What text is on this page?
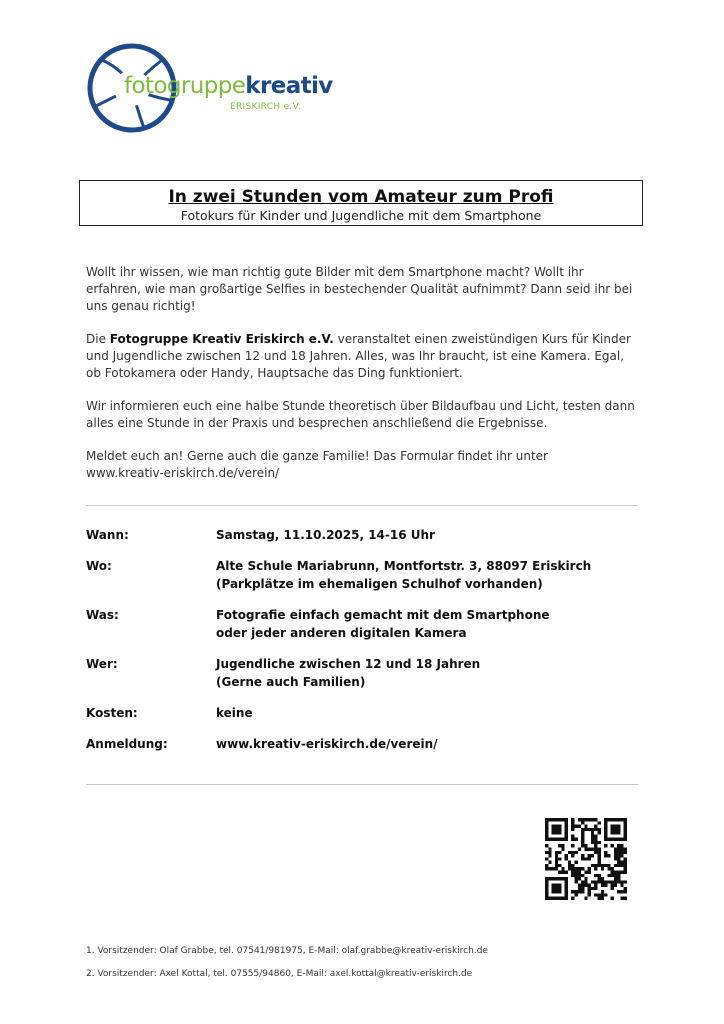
fotogruppekreativ
ERISKIRCH e.V.
In zwei Stunden vom Amateur zum Profi
Fotokurs für Kinder und Jugendliche mit dem Smartphone

Wollt ihr wissen, wie man richtig gute Bilder mit dem Smartphone macht? Wollt ihr erfahren, wie man großartige Selfies in bestechender Qualität aufnimmt? Dann seid ihr bei uns genau richtig!

Die Fotogruppe Kreativ Eriskirch e.V. veranstaltet einen zweistündigen Kurs für Kinder und Jugendliche zwischen 12 und 18 Jahren. Alles, was Ihr braucht, ist eine Kamera. Egal, ob Fotokamera oder Handy, Hauptsache das Ding funktioniert.

Wir informieren euch eine halbe Stunde theoretisch über Bildaufbau und Licht, testen dann alles eine Stunde in der Praxis und besprechen anschließend die Ergebnisse.

Meldet euch an! Gerne auch die ganze Familie! Das Formular findet ihr unter
www.kreativ-eriskirch.de/verein/

Wann:	Samstag, 11.10.2025, 14-16 Uhr
Wo:	Alte Schule Mariabrunn, Montfortstr. 3, 88097 Eriskirch
(Parkplätze im ehemaligen Schulhof vorhanden)
Was:	Fotografie einfach gemacht mit dem Smartphone
oder jeder anderen digitalen Kamera
Wer:	Jugendliche zwischen 12 und 18 Jahren
(Gerne auch Familien)
Kosten:	keine
Anmeldung:	www.kreativ-eriskirch.de/verein/
1. Vorsitzender: Olaf Grabbe, tel. 07541/981975, E-Mail: olaf.grabbe@kreativ-eriskirch.de
2. Vorsitzender: Axel Kottal, tel. 07555/94860, E-Mail: axel.kottal@kreativ-eriskirch.de
